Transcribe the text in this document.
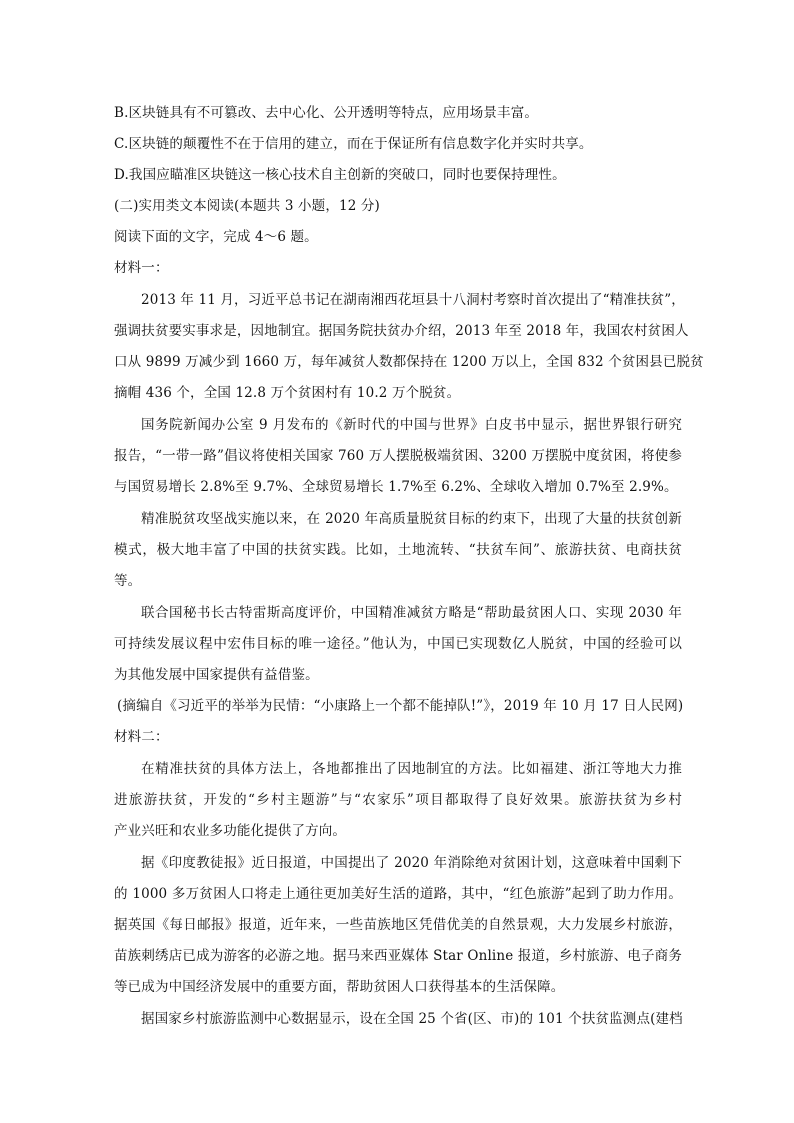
B.区块链具有不可篡改、去中心化、公开透明等特点，应用场景丰富。
C.区块链的颠覆性不在于信用的建立，而在于保证所有信息数字化并实时共享。
D.我国应瞄准区块链这一核心技术自主创新的突破口，同时也要保持理性。
(二)实用类文本阅读(本题共 3 小题，12 分)
阅读下面的文字，完成 4～6 题。
材料一：
2013 年 11 月，习近平总书记在湖南湘西花垣县十八洞村考察时首次提出了“精准扶贫”，
强调扶贫要实事求是，因地制宜。据国务院扶贫办介绍，2013 年至 2018 年，我国农村贫困人
口从 9899 万减少到 1660 万，每年减贫人数都保持在 1200 万以上，全国 832 个贫困县已脱贫
摘帽 436 个，全国 12.8 万个贫困村有 10.2 万个脱贫。
国务院新闻办公室 9 月发布的《新时代的中国与世界》白皮书中显示，据世界银行研究
报告，“一带一路”倡议将使相关国家 760 万人摆脱极端贫困、3200 万摆脱中度贫困，将使参
与国贸易增长 2.8%至 9.7%、全球贸易增长 1.7%至 6.2%、全球收入增加 0.7%至 2.9%。
精准脱贫攻坚战实施以来，在 2020 年高质量脱贫目标的约束下，出现了大量的扶贫创新
模式，极大地丰富了中国的扶贫实践。比如，土地流转、“扶贫车间”、旅游扶贫、电商扶贫
等。
联合国秘书长古特雷斯高度评价，中国精准减贫方略是“帮助最贫困人口、实现 2030 年
可持续发展议程中宏伟目标的唯一途径。”他认为，中国已实现数亿人脱贫，中国的经验可以
为其他发展中国家提供有益借鉴。
(摘编自《习近平的举举为民情：“小康路上一个都不能掉队!”》，2019 年 10 月 17 日人民网)
材料二：
在精准扶贫的具体方法上，各地都推出了因地制宜的方法。比如福建、浙江等地大力推
进旅游扶贫，开发的“乡村主题游”与“农家乐”项目都取得了良好效果。旅游扶贫为乡村
产业兴旺和农业多功能化提供了方向。
据《印度教徒报》近日报道，中国提出了 2020 年消除绝对贫困计划，这意味着中国剩下
的 1000 多万贫困人口将走上通往更加美好生活的道路，其中，“红色旅游”起到了助力作用。
据英国《每日邮报》报道，近年来，一些苗族地区凭借优美的自然景观，大力发展乡村旅游，
苗族刺绣店已成为游客的必游之地。据马来西亚媒体 Star Online 报道，乡村旅游、电子商务
等已成为中国经济发展中的重要方面，帮助贫困人口获得基本的生活保障。
据国家乡村旅游监测中心数据显示，设在全国 25 个省(区、市)的 101 个扶贫监测点(建档
